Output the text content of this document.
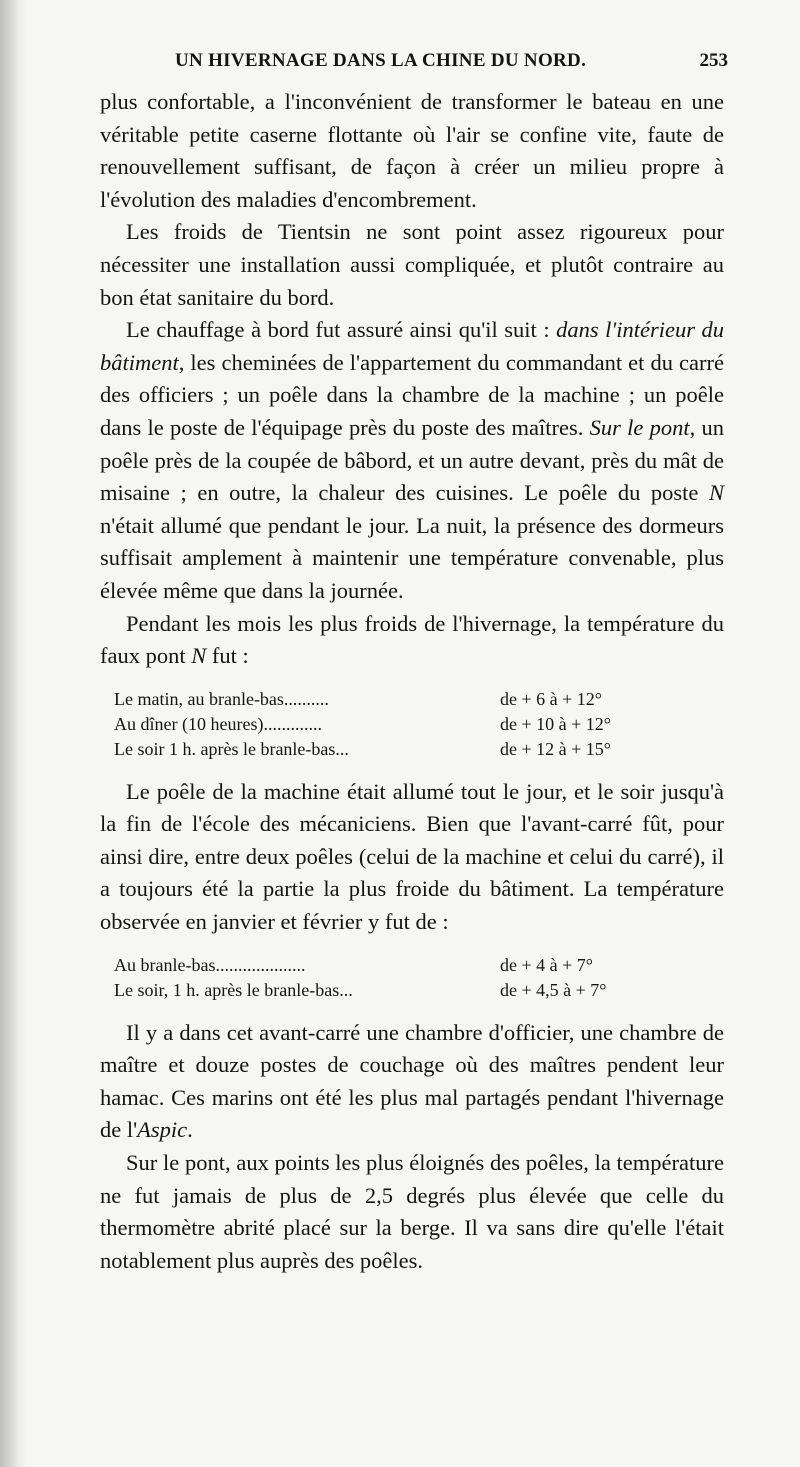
UN HIVERNAGE DANS LA CHINE DU NORD.	253

plus confortable, a l'inconvénient de transformer le bateau en une véritable petite caserne flottante où l'air se confine vite, faute de renouvellement suffisant, de façon à créer un milieu propre à l'évolution des maladies d'encombrement.

Les froids de Tientsin ne sont point assez rigoureux pour nécessiter une installation aussi compliquée, et plutôt contraire au bon état sanitaire du bord.

Le chauffage à bord fut assuré ainsi qu'il suit : dans l'intérieur du bâtiment, les cheminées de l'appartement du commandant et du carré des officiers ; un poêle dans la chambre de la machine ; un poêle dans le poste de l'équipage près du poste des maîtres. Sur le pont, un poêle près de la coupée de bâbord, et un autre devant, près du mât de misaine ; en outre, la chaleur des cuisines. Le poêle du poste N n'était allumé que pendant le jour. La nuit, la présence des dormeurs suffisait amplement à maintenir une température convenable, plus élevée même que dans la journée.

Pendant les mois les plus froids de l'hivernage, la température du faux pont N fut :

Le matin, au branle-bas..........	de + 6 à + 12°
Au dîner (10 heures).............	de + 10 à + 12°
Le soir 1 h. après le branle-bas...	de + 12 à + 15°

Le poêle de la machine était allumé tout le jour, et le soir jusqu'à la fin de l'école des mécaniciens. Bien que l'avant-carré fût, pour ainsi dire, entre deux poêles (celui de la machine et celui du carré), il a toujours été la partie la plus froide du bâtiment. La température observée en janvier et février y fut de :

Au branle-bas....................	de + 4 à + 7°
Le soir, 1 h. après le branle-bas...	de + 4,5 à + 7°

Il y a dans cet avant-carré une chambre d'officier, une chambre de maître et douze postes de couchage où des maîtres pendent leur hamac. Ces marins ont été les plus mal partagés pendant l'hivernage de l'Aspic.

Sur le pont, aux points les plus éloignés des poêles, la température ne fut jamais de plus de 2,5 degrés plus élevée que celle du thermomètre abrité placé sur la berge. Il va sans dire qu'elle l'était notablement plus auprès des poêles.
